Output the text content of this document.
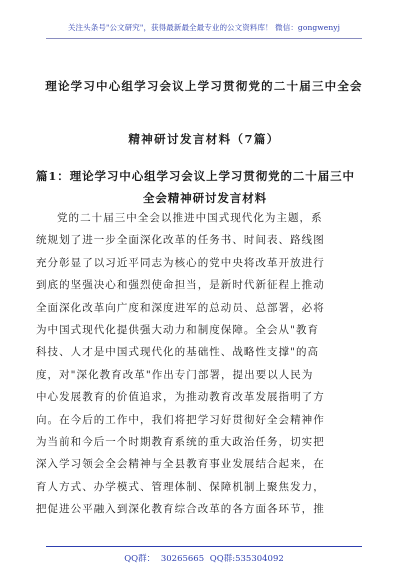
关注头条号"公文研究"，获得最新最全最专业的公文资料库！ 微信：gongwenyj
理论学习中心组学习会议上学习贯彻党的二十届三中全会
精神研讨发言材料（7篇）
篇1：理论学习中心组学习会议上学习贯彻党的二十届三中
全会精神研讨发言材料
党的二十届三中全会以推进中国式现代化为主题，系
统规划了进一步全面深化改革的任务书、时间表、路线图
充分彰显了以习近平同志为核心的党中央将改革开放进行
到底的坚强决心和强烈使命担当，是新时代新征程上推动
全面深化改革向广度和深度进军的总动员、总部署，必将
为中国式现代化提供强大动力和制度保障。全会从"教育
科技、人才是中国式现代化的基础性、战略性支撑"的高
度，对"深化教育改革"作出专门部署，提出要以人民为
中心发展教育的价值追求，为推动教育改革发展指明了方
向。在今后的工作中，我们将把学习好贯彻好全会精神作
为当前和今后一个时期教育系统的重大政治任务，切实把
深入学习领会全会精神与全县教育事业发展结合起来，在
育人方式、办学模式、管理体制、保障机制上聚焦发力，
把促进公平融入到深化教育综合改革的各方面各环节，推
QQ群： 30265665 QQ群:535304092
